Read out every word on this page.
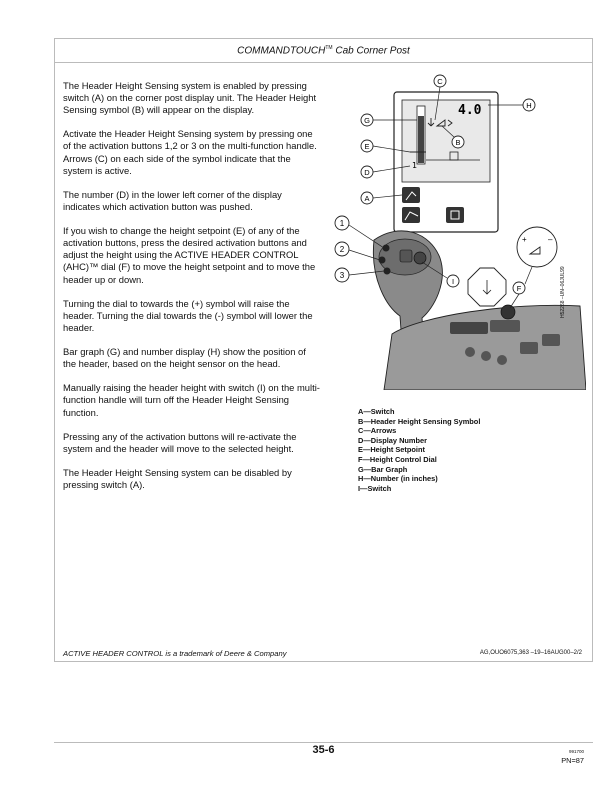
COMMANDTOUCH™ Cab Corner Post

The Header Height Sensing system is enabled by pressing switch (A) on the corner post display unit. The Header Height Sensing symbol (B) will appear on the display.

Activate the Header Height Sensing system by pressing one of the activation buttons 1,2 or 3 on the multi-function handle. Arrows (C) on each side of the symbol indicate that the system is active.

The number (D) in the lower left corner of the display indicates which activation button was pushed.

If you wish to change the height setpoint (E) of any of the activation buttons, press the desired activation buttons and adjust the height using the ACTIVE HEADER CONTROL (AHC)™ dial (F) to move the height setpoint and to move the header up or down.

Turning the dial to towards the (+) symbol will raise the header. Turning the dial towards the (-) symbol will lower the header.

Bar graph (G) and number display (H) show the position of the header, based on the height sensor on the head.

Manually raising the header height with switch (I) on the multi-function handle will turn off the Header Height Sensing function.

Pressing any of the activation buttons will re-activate the system and the header will move to the selected height.

The Header Height Sensing system can be disabled by pressing switch (A).

4.0
1
C
H
G
B
E
D
A
I
+	–
F
1
2
3	H52268 –UN–06JUL99
A—Switch
B—Header Height Sensing Symbol
C—Arrows
D—Display Number
E—Height Setpoint
F—Height Control Dial
G—Bar Graph
H—Number (in inches)
I—Switch
ACTIVE HEADER CONTROL is a trademark of Deere & Company	AG,OUO6075,363 –19–16AUG00–2/2
35-6	991700
PN=87
